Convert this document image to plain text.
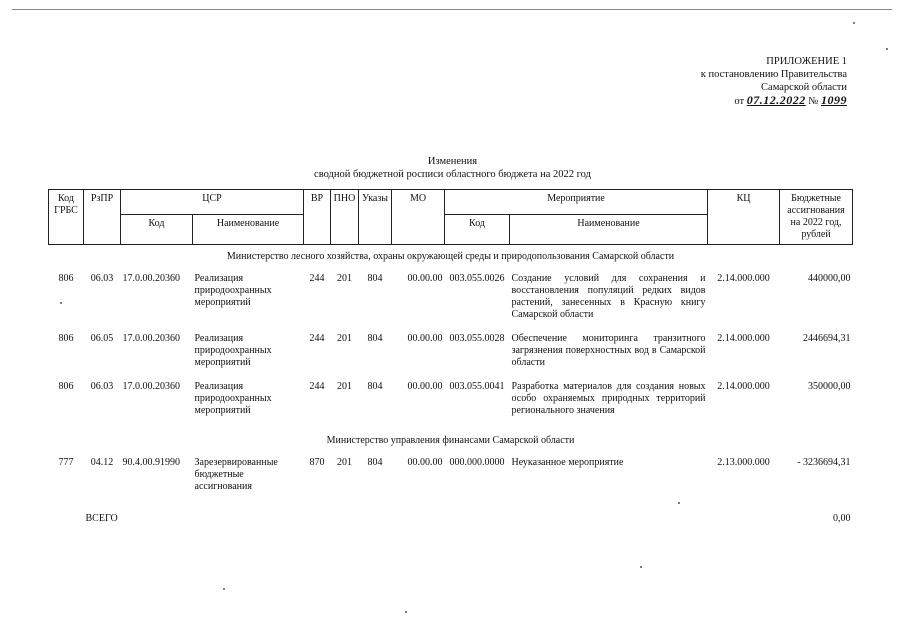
ПРИЛОЖЕНИЕ 1
к постановлению Правительства
Самарской области
от 07.12.2022 № 1099
Изменения
сводной бюджетной росписи областного бюджета на 2022 год
Код ГРБС	РзПР	ЦСР		ВР	ПНО	Указы	МО	Мероприятие		КЦ	Бюджетные ассигнования на 2022 год, рублей
		Код	Наименование					Код	Наименование		
Министерство лесного хозяйства, охраны окружающей среды и природопользования Самарской области											
806	06.03	17.0.00.20360	Реализация природоохранных мероприятий	244	201	804	00.00.00	003.055.0026	Создание условий для сохранения и восстановления популяций редких видов растений, занесенных в Красную книгу Самарской области	2.14.000.000	440000,00
806	06.05	17.0.00.20360	Реализация природоохранных мероприятий	244	201	804	00.00.00	003.055.0028	Обеспечение мониторинга транзитного загрязнения поверхностных вод в Самарской области	2.14.000.000	2446694,31
806	06.03	17.0.00.20360	Реализация природоохранных мероприятий	244	201	804	00.00.00	003.055.0041	Разработка материалов для создания новых особо охраняемых природных территорий регионального значения	2.14.000.000	350000,00
Министерство управления финансами Самарской области											
777	04.12	90.4.00.91990	Зарезервированные бюджетные ассигнования	870	201	804	00.00.00	000.000.0000	Неуказанное мероприятие	2.13.000.000	- 3236694,31
	ВСЕГО										0,00
